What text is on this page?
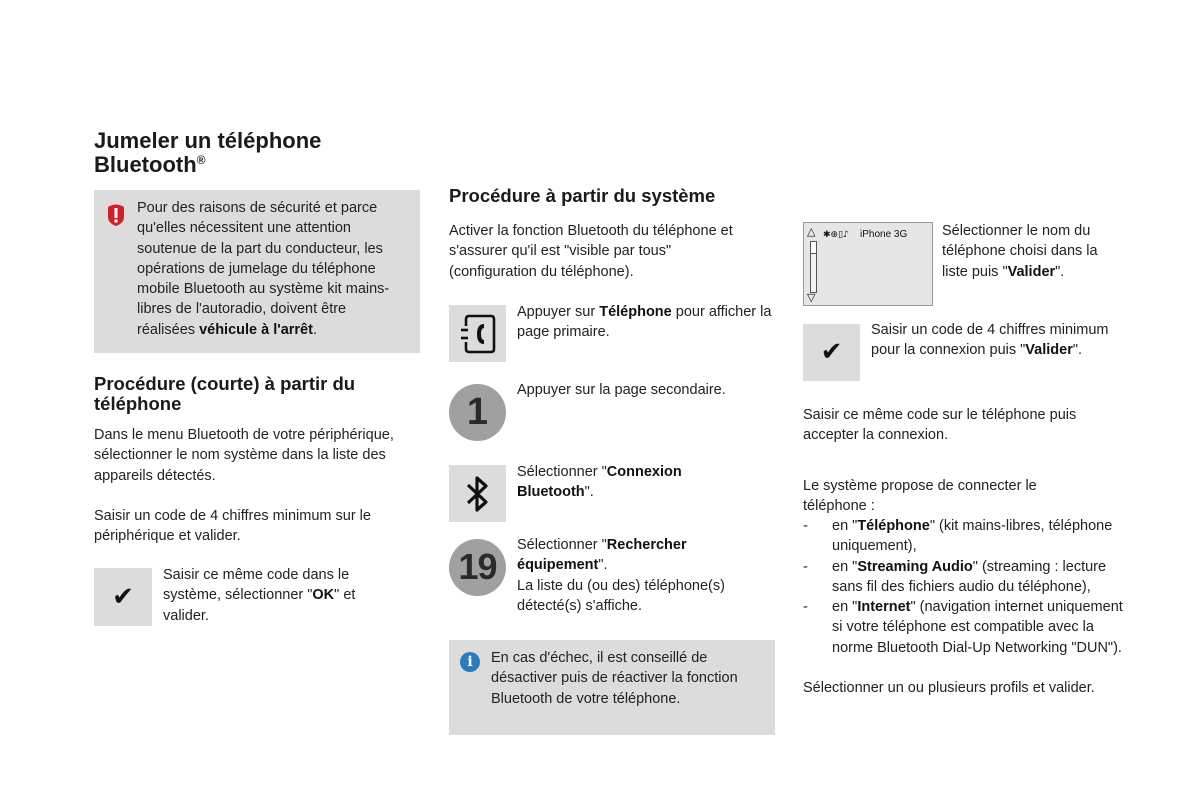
Jumeler un téléphone
Bluetooth®

Pour des raisons de sécurité et parce qu'elles nécessitent une attention soutenue de la part du conducteur, les opérations de jumelage du téléphone mobile Bluetooth au système kit mains-libres de l'autoradio, doivent être réalisées véhicule à l'arrêt.

Procédure (courte) à partir du téléphone

Dans le menu Bluetooth de votre périphérique, sélectionner le nom système dans la liste des appareils détectés.

Saisir un code de 4 chiffres minimum sur le périphérique et valider.

✔

Saisir ce même code dans le système, sélectionner "OK" et valider.

Procédure à partir du système

Activer la fonction Bluetooth du téléphone et s'assurer qu'il est "visible par tous" (configuration du téléphone).

Appuyer sur Téléphone pour afficher la page primaire.

1

Appuyer sur la page secondaire.

Sélectionner "Connexion Bluetooth".

19

Sélectionner "Rechercher équipement".
La liste du (ou des) téléphone(s) détecté(s) s'affiche.

i	En cas d'échec, il est conseillé de désactiver puis de réactiver la fonction Bluetooth de votre téléphone.

△
▽
✱⊕▯♪ iPhone 3G Sélectionner le nom du téléphone choisi dans la liste puis "Valider".

✔

Saisir un code de 4 chiffres minimum pour la connexion puis "Valider".

Saisir ce même code sur le téléphone puis accepter la connexion.

Le système propose de connecter le téléphone :

- en "Téléphone" (kit mains-libres, téléphone uniquement),
- en "Streaming Audio" (streaming : lecture sans fil des fichiers audio du téléphone),
- en "Internet" (navigation internet uniquement si votre téléphone est compatible avec la norme Bluetooth Dial-Up Networking "DUN").

Sélectionner un ou plusieurs profils et valider.
